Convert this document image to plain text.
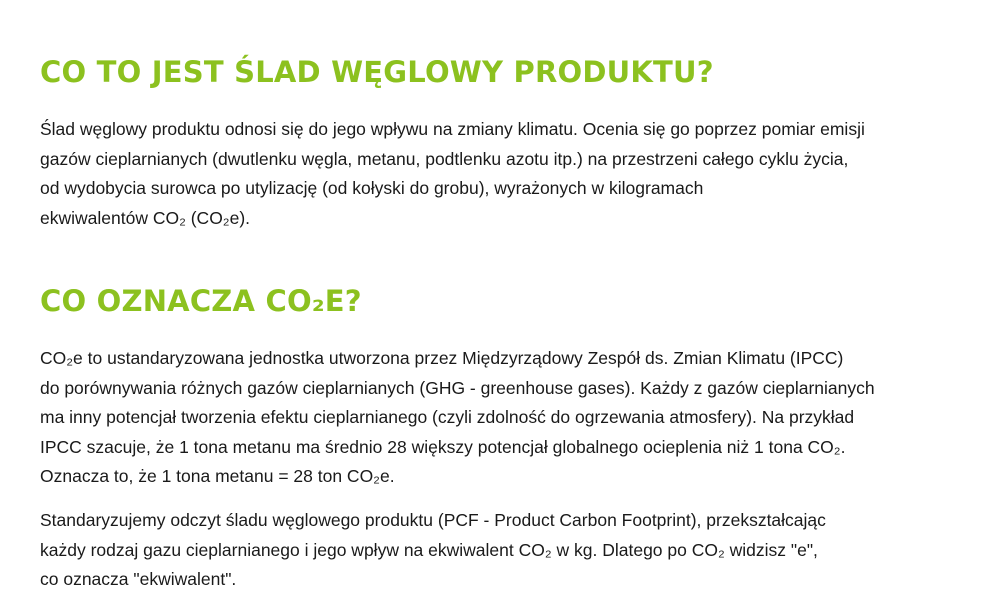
CO TO JEST ŚLAD WĘGLOWY PRODUKTU?

Ślad węglowy produktu odnosi się do jego wpływu na zmiany klimatu. Ocenia się go poprzez pomiar emisji
gazów cieplarnianych (dwutlenku węgla, metanu, podtlenku azotu itp.) na przestrzeni całego cyklu życia,
od wydobycia surowca po utylizację (od kołyski do grobu), wyrażonych w kilogramach
ekwiwalentów CO₂ (CO₂e).

CO OZNACZA CO₂E?

CO₂e to ustandaryzowana jednostka utworzona przez Międzyrządowy Zespół ds. Zmian Klimatu (IPCC)
do porównywania różnych gazów cieplarnianych (GHG - greenhouse gases). Każdy z gazów cieplarnianych
ma inny potencjał tworzenia efektu cieplarnianego (czyli zdolność do ogrzewania atmosfery). Na przykład
IPCC szacuje, że 1 tona metanu ma średnio 28 większy potencjał globalnego ocieplenia niż 1 tona CO₂.
Oznacza to, że 1 tona metanu = 28 ton CO₂e.

Standaryzujemy odczyt śladu węglowego produktu (PCF - Product Carbon Footprint), przekształcając
każdy rodzaj gazu cieplarnianego i jego wpływ na ekwiwalent CO₂ w kg. Dlatego po CO₂ widzisz "e",
co oznacza "ekwiwalent".
